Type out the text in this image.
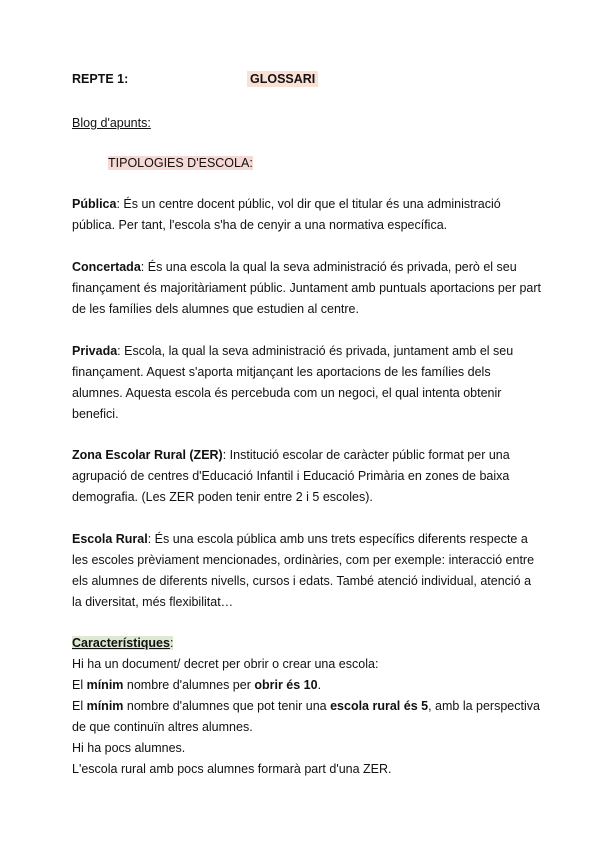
REPTE 1:	GLOSSARI
Blog d'apunts:
TIPOLOGIES D'ESCOLA:
Pública: És un centre docent públic, vol dir que el titular és una administració
pública. Per tant, l'escola s'ha de cenyir a una normativa específica.
Concertada: És una escola la qual la seva administració és privada, però el seu
finançament és majoritàriament públic. Juntament amb puntuals aportacions per part
de les famílies dels alumnes que estudien al centre.
Privada: Escola, la qual la seva administració és privada, juntament amb el seu
finançament. Aquest s'aporta mitjançant les aportacions de les famílies dels
alumnes. Aquesta escola és percebuda com un negoci, el qual intenta obtenir
benefici.
Zona Escolar Rural (ZER): Institució escolar de caràcter públic format per una
agrupació de centres d'Educació Infantil i Educació Primària en zones de baixa
demografia. (Les ZER poden tenir entre 2 i 5 escoles).
Escola Rural: És una escola pública amb uns trets específics diferents respecte a
les escoles prèviament mencionades, ordinàries, com per exemple: interacció entre
els alumnes de diferents nivells, cursos i edats. També atenció individual, atenció a
la diversitat, més flexibilitat…
Característiques:
Hi ha un document/ decret per obrir o crear una escola:
El mínim nombre d'alumnes per obrir és 10.
El mínim nombre d'alumnes que pot tenir una escola rural és 5, amb la perspectiva
de que continuïn altres alumnes.
Hi ha pocs alumnes.
L'escola rural amb pocs alumnes formarà part d'una ZER.
